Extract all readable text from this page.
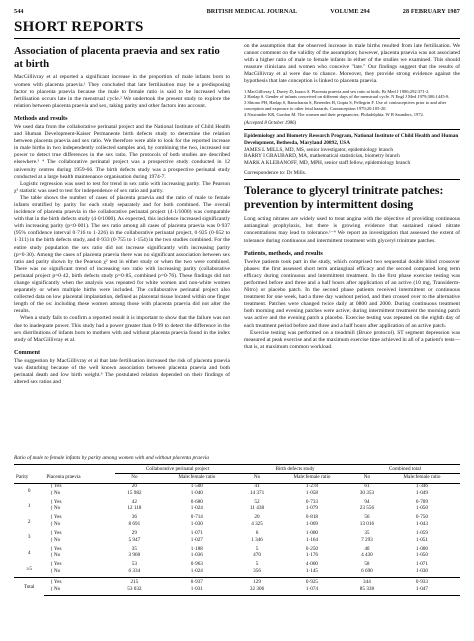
544	BRITISH MEDICAL JOURNAL	VOLUME 294	28 FEBRUARY 1987
SHORT REPORTS
Association of placenta praevia and sex ratio at birth

MacGillivray et al reported a significant increase in the proportion of male infants born to women with placenta praevia.¹ They concluded that late fertilisation may be a predisposing factor to placenta praevia because the male to female ratio is said to be increased when fertilisation occurs late in the menstrual cycle.² We undertook the present study to explore the relation between placenta praevia and sex, taking parity and other factors into account.

Methods and results

We used data from the collaborative perinatal project and the National Institute of Child Health and Human Development-Kaiser Permanente birth defects study to determine the relation between placenta praevia and sex ratio. We therefore were able to look for the reported increase in male births in two independently collected samples and, by combining the two, increased our power to detect true differences in the sex ratio. The protocols of both studies are described elsewhere.³ ⁴ The collaborative perinatal project was a prospective study conducted in 12 university centres during 1959-66. The birth defects study was a prospective perinatal study conducted at a large health maintenance organisation during 1974-7.

Logistic regression was used to test for trend in sex ratio with increasing parity. The Pearson χ² statistic was used to test for independence of sex ratio and parity.

The table shows the number of cases of placenta praevia and the ratio of male to female infants stratified by parity for each study separately and for both combined. The overall incidence of placenta praevia in the collaborative perinatal project (4·1/1000) was comparable with that in the birth defects study (4·0/1000). As expected, this incidence increased significantly with increasing parity (p<0·001). The sex ratio among all cases of placenta praevia was 0·937 (95% confidence interval 0·716 to 1·226) in the collaborative perinatal project, 0·925 (0·652 to 1·311) in the birth defects study, and 0·933 (0·755 to 1·154) in the two studies combined. For the entire study population the sex ratio did not increase significantly with increasing parity (p=0·30). Among the cases of placenta praevia there was no significant association between sex ratio and parity shown by the Pearson χ² test in either study or when the two were combined. There was no significant trend of increasing sex ratio with increasing parity (collaborative perinatal project p=0·42, birth defects study p=0·85, combined p=0·76). These findings did not change significantly when the analysis was repeated for white women and non-white women separately or when multiple births were included. The collaborative perinatal project also collected data on low placental implantation, defined as placental tissue located within one finger length of the os: including these women among those with placenta praevia did not alter the results.

When a study fails to confirm a reported result it is important to show that the failure was not due to inadequate power. This study had a power greater than 0·99 to detect the difference in the sex distributions of infants born to mothers with and without placenta praevia found in the index study of MacGillivray et al.

Comment

The suggestion by MacGillivray et al that late fertilisation increased the risk of placenta praevia was disturbing because of the well known association between placenta praevia and both perinatal death and low birth weight.⁵ The postulated relation depended on their findings of altered sex ratios and

on the assumption that the observed increase in male births resulted from late fertilisation. We cannot comment on the validity of the assumption; however, placenta praevia was not associated with a higher ratio of male to female infants in either of the studies we examined. This should reassure clinicians and women who conceive "late." Our findings suggest that the results of MacGillivray et al were due to chance. Moreover, they provide strong evidence against the hypothesis that late conception is linked to placenta praevia.

1 MacGillivray I, Davey D, Isaacs S. Placenta praevia and sex ratio at birth. Br Med J 1986;292:371-2.
2 Harlap S. Gender of infants conceived on different days of the menstrual cycle. N Engl J Med 1979;300:1445-8.
3 Shiono PH, Harlap S, Ramcharan S, Berendes H, Gupta S, Pellegrin F. Use of contraceptives prior to and after conception and exposure to other fetal hazards. Contraception 1979;20:105-20.
4 Niswander KR, Gordon M. The women and their pregnancies. Philadelphia: W B Saunders, 1972.
(Accepted 8 October 1986)
Epidemiology and Biometry Research Program, National Institute of Child Health and Human Development, Bethesda, Maryland 20892, USA
JAMES L MILLS, MD, MS, senior investigator, epidemiology branch
BARRY I GRAUBARD, MA, mathematical statistician, biometry branch
MARK A KLEBANOFF, MD, MPH, senior staff fellow, epidemiology branch
Correspondence to: Dr Mills.
Tolerance to glyceryl trinitrate patches: prevention by intermittent dosing

Long acting nitrates are widely used to treat angina with the objective of providing continuous antianginal prophylaxis, but there is growing evidence that sustained raised nitrate concentrations may lead to tolerance.¹⁻⁴ We report an investigation that assessed the extent of tolerance during continuous and intermittent treatment with glyceryl trinitrate patches.

Patients, methods, and results

Twelve patients took part in the study, which comprised two sequential double blind crossover phases: the first assessed short term antianginal efficacy and the second compared long term efficacy during continuous and intermittent treatment. In the first phase exercise testing was performed before and three and a half hours after application of an active (10 mg, Transiderm-Nitro) or placebo patch. In the second phase patients received intermittent or continuous treatment for one week, had a three day washout period, and then crossed over to the alternative treatment. Patches were changed twice daily at 0800 and 2000. During continuous treatment both morning and evening patches were active; during intermittent treatment the morning patch was active and the evening patch a placebo. Exercise testing was repeated on the eighth day of each treatment period before and three and a half hours after application of an active patch.

Exercise testing was performed on a treadmill (Bruce protocol). ST segment depression was measured at peak exercise and at the maximum exercise time achieved in all of a patient's tests—that is, at maximum common workload.

Ratio of male to female infants by parity among women with and without placenta praevia
		Collaborative perinatal project		Birth defects study		Combined total	
Parity	Placenta praevia	No	Male:female ratio	No	Male:female ratio	No	Male:female ratio
0	{Yes	20	1·500	41	1·278	61	1·346
	{No	15 982	1·040	14 371	1·058	30 353	1·049
1	{Yes	42	0·680	52	0·733	94	0·709
	{No	12 118	1·024	11 438	1·079	23 556	1·050
2	{Yes	36	0·714	20	0·818	56	0·750
	{No	8 691	1·030	4 325	1·069	13 016	1·043
3	{Yes	29	1·071	6	1·000	35	1·059
	{No	5 947	1·027	1 346	1·164	7 293	1·051
4	{Yes	35	1·188	5	0·250	40	1·000
	{No	3 960	1·036	470	1·176	4 430	1·050
≥5	{Yes	53	0·963	5	4·000	58	1·071
	{No	6 334	1·024	356	1·145	6 690	1·030
Total	{Yes	215	0·937	129	0·925	344	0·933
	{No	53 032	1·031	32 306	1·074	85 338	1·047
